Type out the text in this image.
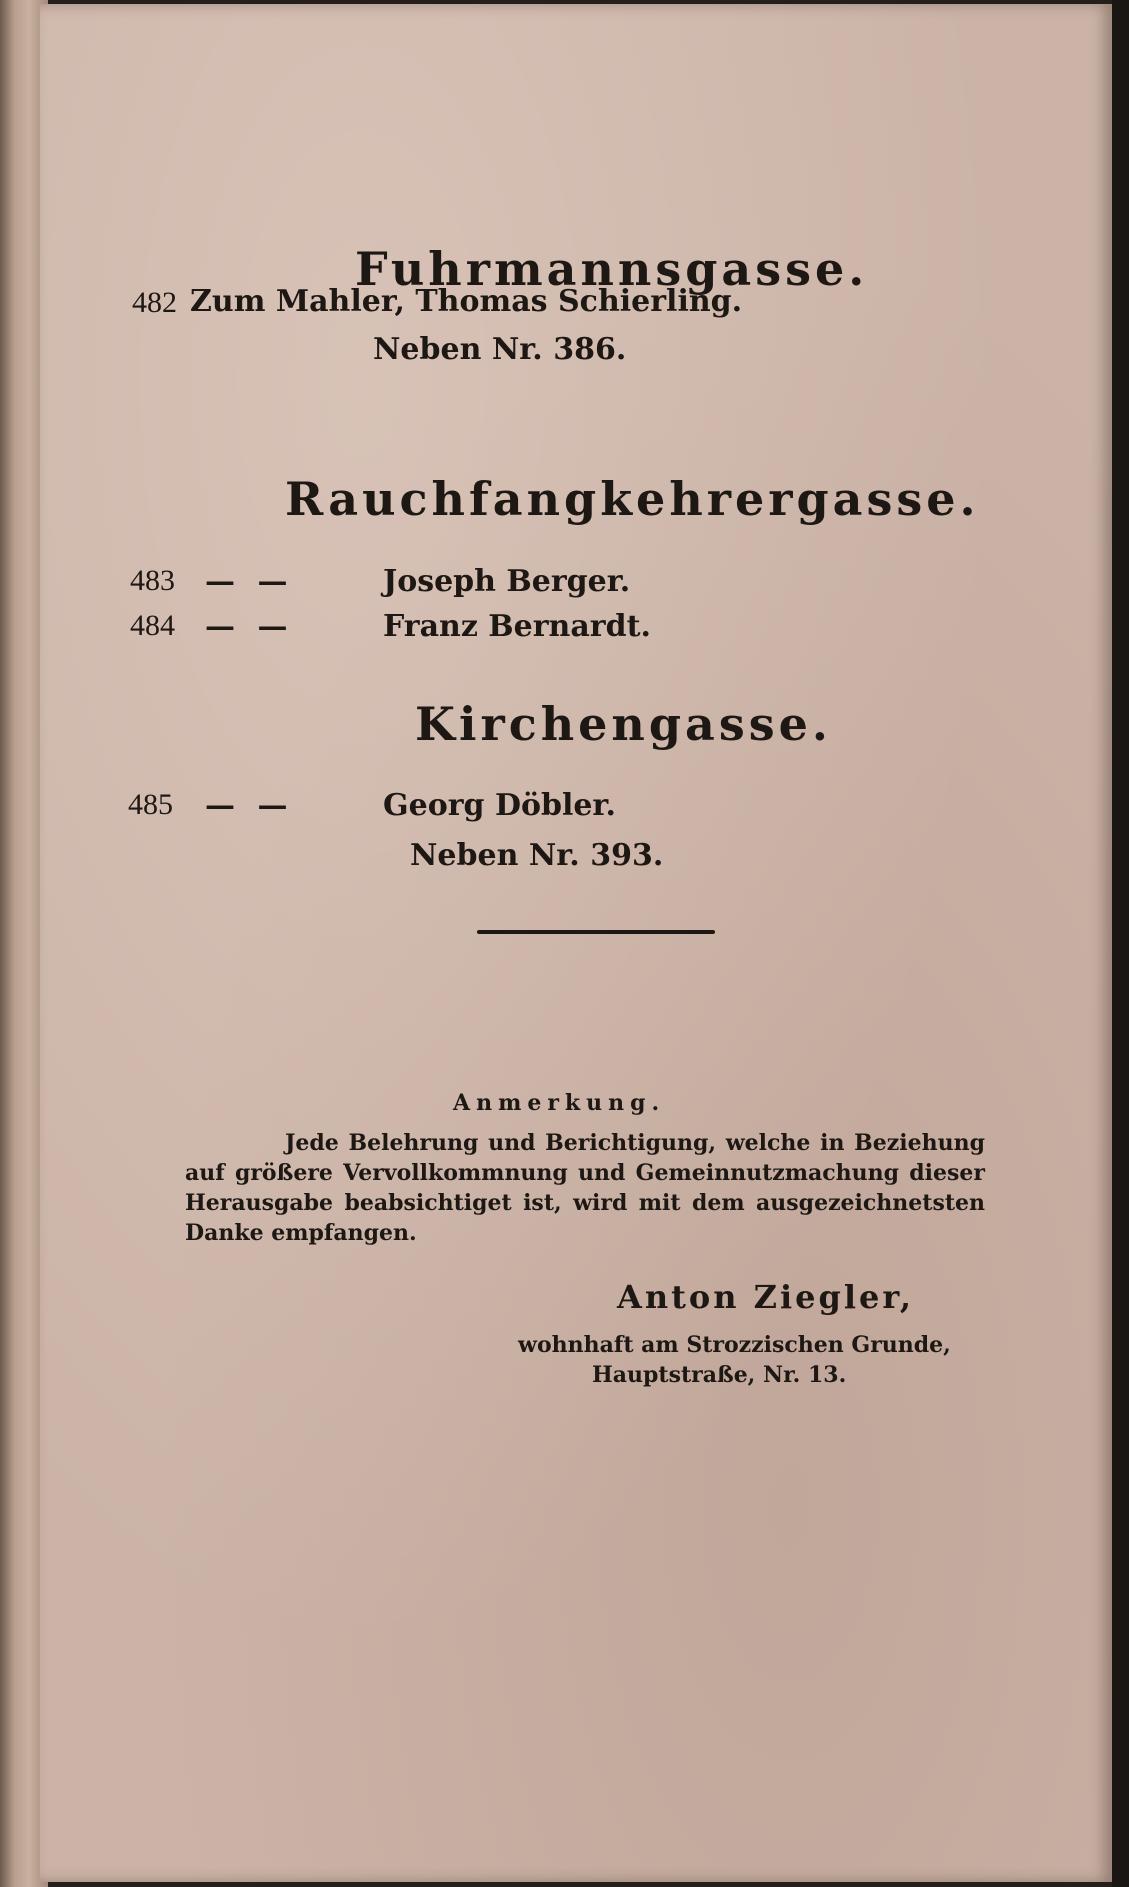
Fuhrmannsgasse.
482 Zum Mahler, Thomas Schierling.
Neben Nr. 386.
Rauchfangkehrergasse.
483 — —	Joseph Berger.
484 — —	Franz Bernardt.
Kirchengasse.
485 — —	Georg Döbler.
Neben Nr. 393.
Anmerkung.
Jede Belehrung und Berichtigung, welche in Beziehung auf größere Vervollkommnung und Gemeinnutzmachung dieser Herausgabe beabsichtiget ist, wird mit dem ausgezeichnetsten Danke empfangen.
Anton Ziegler,
wohnhaft am Strozzischen Grunde,
Hauptstraße, Nr. 13.
